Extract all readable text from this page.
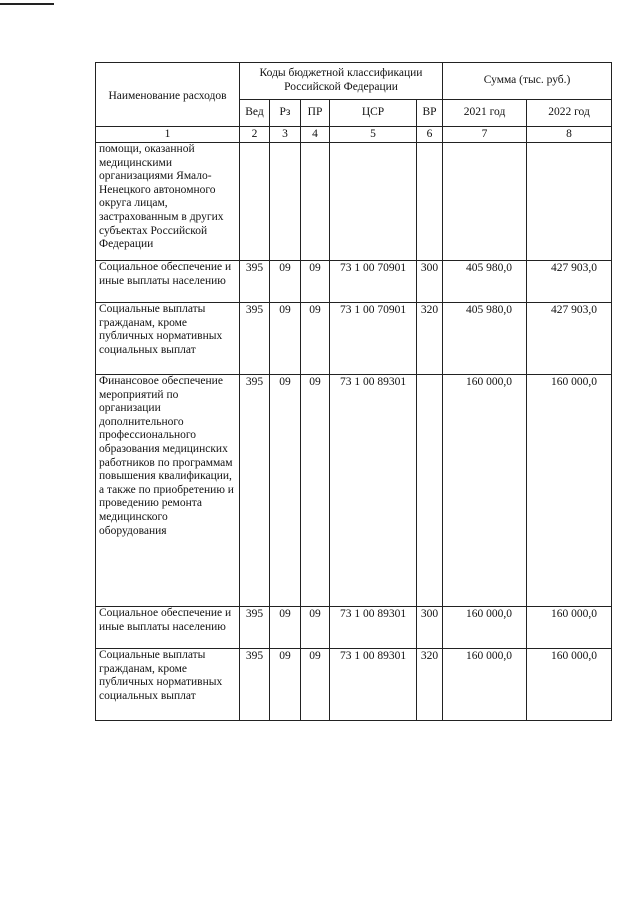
Наименование расходов	Коды бюджетной классификации Российской Федерации					Сумма (тыс. руб.)	
	Вед	Рз	ПР	ЦСР	ВР	2021 год	2022 год
1	2	3	4	5	6	7	8
помощи, оказанной медицинскими организациями Ямало-Ненецкого автономного округа лицам, застрахованным в других субъектах Российской Федерации							
Социальное обеспечение и иные выплаты населению	395	09	09	73 1 00 70901	300	405 980,0	427 903,0
Социальные выплаты гражданам, кроме публичных нормативных социальных выплат	395	09	09	73 1 00 70901	320	405 980,0	427 903,0
Финансовое обеспечение мероприятий по организации дополнительного профессионального образования медицинских работников по программам повышения квалификации, а также по приобретению и проведению ремонта медицинского оборудования	395	09	09	73 1 00 89301		160 000,0	160 000,0
Социальное обеспечение и иные выплаты населению	395	09	09	73 1 00 89301	300	160 000,0	160 000,0
Социальные выплаты гражданам, кроме публичных нормативных социальных выплат	395	09	09	73 1 00 89301	320	160 000,0	160 000,0
